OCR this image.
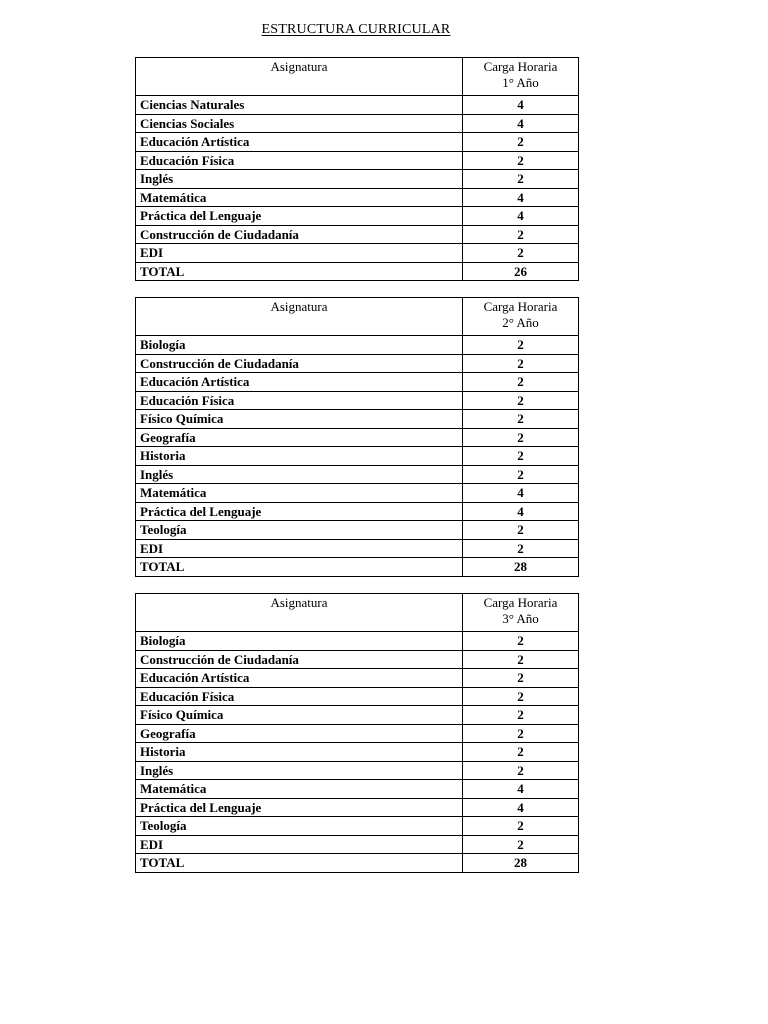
ESTRUCTURA CURRICULAR
Asignatura	Carga Horaria
1° Año

Ciencias Naturales	4
Ciencias Sociales	4
Educación Artística	2
Educación Física	2
Inglés	2
Matemática	4
Práctica del Lenguaje	4
Construcción de Ciudadanía	2
EDI	2
TOTAL	26
Asignatura	Carga Horaria
2° Año

Biología	2
Construcción de Ciudadanía	2
Educación Artística	2
Educación Física	2
Físico Química	2
Geografía	2
Historia	2
Inglés	2
Matemática	4
Práctica del Lenguaje	4
Teología	2
EDI	2
TOTAL	28
Asignatura	Carga Horaria
3° Año

Biología	2
Construcción de Ciudadanía	2
Educación Artística	2
Educación Física	2
Físico Química	2
Geografía	2
Historia	2
Inglés	2
Matemática	4
Práctica del Lenguaje	4
Teología	2
EDI	2
TOTAL	28
